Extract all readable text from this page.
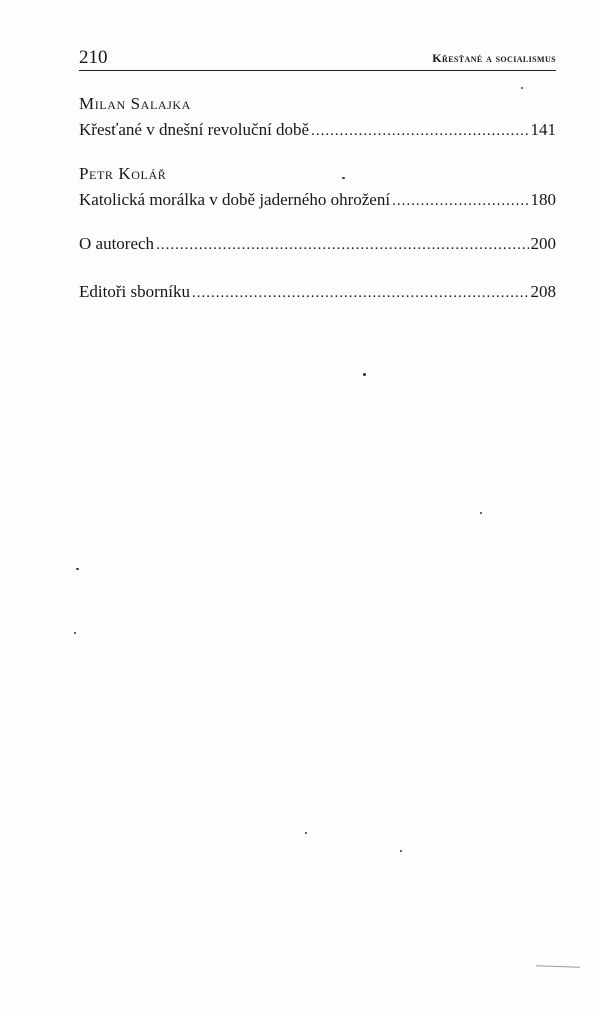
210	Křesťané a socialismus
Milan Salajka
Křesťané v dnešní revoluční době .....	141
Petr Kolář
Katolická morálka v době jaderného ohrožení .....	180
O autorech .....	200
Editoři sborníku .....	208
